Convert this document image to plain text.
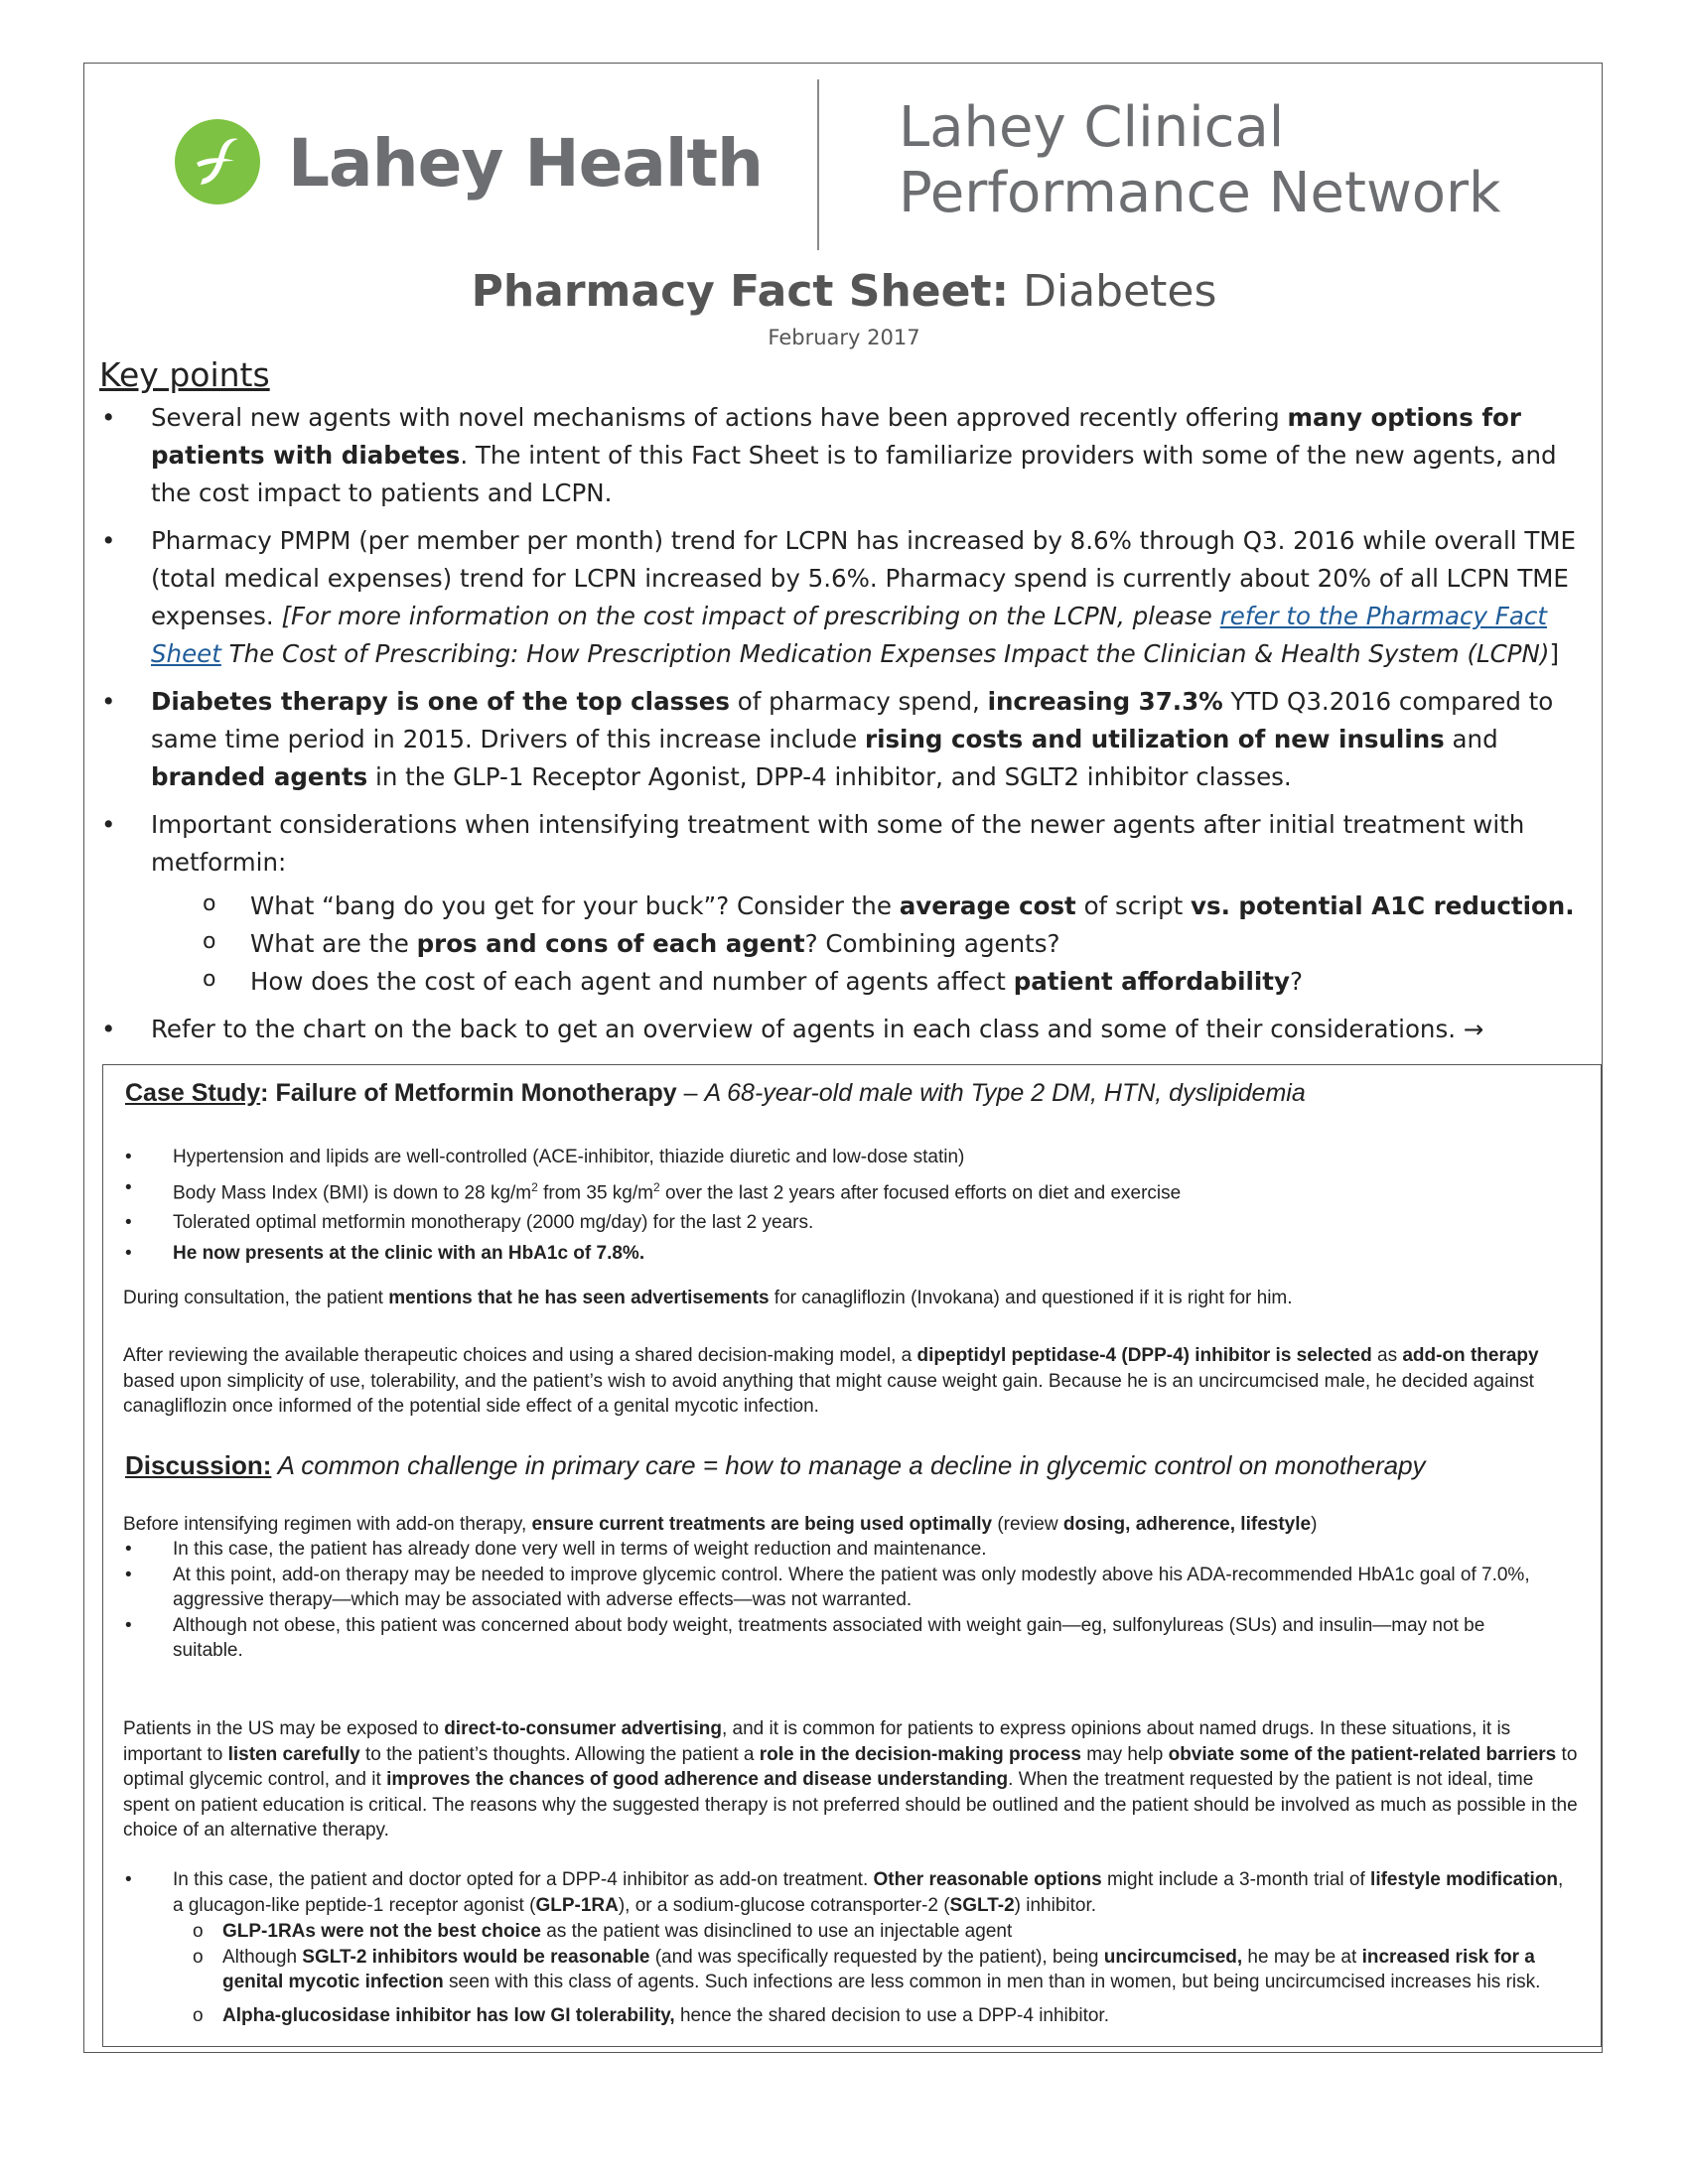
Lahey Health Lahey Clinical
Performance Network
Pharmacy Fact Sheet: Diabetes
February 2017
Key points
• Several new agents with novel mechanisms of actions have been approved recently offering many options for patients with diabetes. The intent of this Fact Sheet is to familiarize providers with some of the new agents, and the cost impact to patients and LCPN.
• Pharmacy PMPM (per member per month) trend for LCPN has increased by 8.6% through Q3. 2016 while overall TME (total medical expenses) trend for LCPN increased by 5.6%. Pharmacy spend is currently about 20% of all LCPN TME expenses. [For more information on the cost impact of prescribing on the LCPN, please refer to the Pharmacy Fact Sheet The Cost of Prescribing: How Prescription Medication Expenses Impact the Clinician & Health System (LCPN)]
• Diabetes therapy is one of the top classes of pharmacy spend, increasing 37.3% YTD Q3.2016 compared to same time period in 2015. Drivers of this increase include rising costs and utilization of new insulins and branded agents in the GLP-1 Receptor Agonist, DPP-4 inhibitor, and SGLT2 inhibitor classes.
• Important considerations when intensifying treatment with some of the newer agents after initial treatment with metformin:
o What “bang do you get for your buck”? Consider the average cost of script vs. potential A1C reduction.
o What are the pros and cons of each agent? Combining agents?
o How does the cost of each agent and number of agents affect patient affordability?
• Refer to the chart on the back to get an overview of agents in each class and some of their considerations. →
Case Study: Failure of Metformin Monotherapy – A 68-year-old male with Type 2 DM, HTN, dyslipidemia
• Hypertension and lipids are well-controlled (ACE-inhibitor, thiazide diuretic and low-dose statin)
• Body Mass Index (BMI) is down to 28 $kg/m^2$ from 35 $kg/m^2$ over the last 2 years after focused efforts on diet and exercise
• Tolerated optimal metformin monotherapy (2000 mg/day) for the last 2 years.
• He now presents at the clinic with an HbA1c of 7.8%.

During consultation, the patient mentions that he has seen advertisements for canagliflozin (Invokana) and questioned if it is right for him.

After reviewing the available therapeutic choices and using a shared decision-making model, a dipeptidyl peptidase-4 (DPP-4) inhibitor is selected as add-on therapy based upon simplicity of use, tolerability, and the patient’s wish to avoid anything that might cause weight gain. Because he is an uncircumcised male, he decided against canagliflozin once informed of the potential side effect of a genital mycotic infection.

Discussion: A common challenge in primary care = how to manage a decline in glycemic control on monotherapy

Before intensifying regimen with add-on therapy, ensure current treatments are being used optimally (review dosing, adherence, lifestyle)

• In this case, the patient has already done very well in terms of weight reduction and maintenance.
• At this point, add-on therapy may be needed to improve glycemic control. Where the patient was only modestly above his ADA-recommended HbA1c goal of 7.0%, aggressive therapy—which may be associated with adverse effects—was not warranted.
• Although not obese, this patient was concerned about body weight, treatments associated with weight gain—eg, sulfonylureas (SUs) and insulin—may not be suitable.

Patients in the US may be exposed to direct-to-consumer advertising, and it is common for patients to express opinions about named drugs. In these situations, it is important to listen carefully to the patient’s thoughts. Allowing the patient a role in the decision-making process may help obviate some of the patient-related barriers to optimal glycemic control, and it improves the chances of good adherence and disease understanding. When the treatment requested by the patient is not ideal, time spent on patient education is critical. The reasons why the suggested therapy is not preferred should be outlined and the patient should be involved as much as possible in the choice of an alternative therapy.

• In this case, the patient and doctor opted for a DPP-4 inhibitor as add-on treatment. Other reasonable options might include a 3-month trial of lifestyle modification, a glucagon-like peptide-1 receptor agonist (GLP-1RA), or a sodium-glucose cotransporter-2 (SGLT-2) inhibitor.
o GLP-1RAs were not the best choice as the patient was disinclined to use an injectable agent
o Although SGLT-2 inhibitors would be reasonable (and was specifically requested by the patient), being uncircumcised, he may be at increased risk for a genital mycotic infection seen with this class of agents. Such infections are less common in men than in women, but being uncircumcised increases his risk.
o Alpha-glucosidase inhibitor has low GI tolerability, hence the shared decision to use a DPP-4 inhibitor.
